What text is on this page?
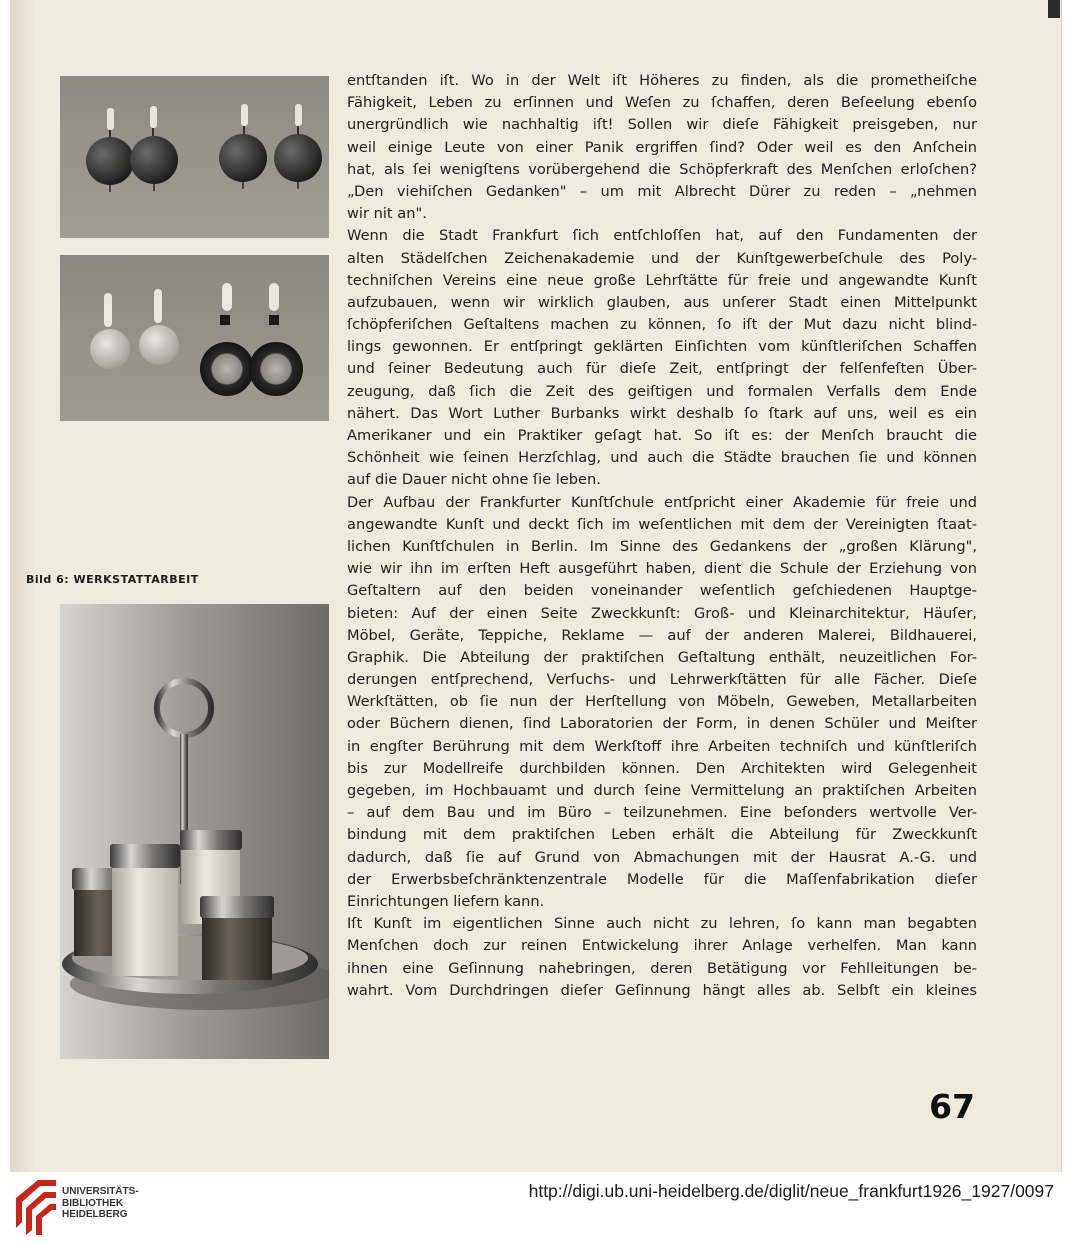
Bild 6: WERKSTATTARBEIT
entſtanden iſt. Wo in der Welt iſt Höheres zu finden, als die prometheiſche
Fähigkeit, Leben zu erſinnen und Weſen zu ſchaffen, deren Beſeelung ebenſo
unergründlich wie nachhaltig iſt! Sollen wir dieſe Fähigkeit preisgeben, nur
weil einige Leute von einer Panik ergriffen ſind? Oder weil es den Anſchein
hat, als ſei wenigſtens vorübergehend die Schöpferkraft des Menſchen erloſchen?
„Den viehiſchen Gedanken" – um mit Albrecht Dürer zu reden – „nehmen
wir nit an".
Wenn die Stadt Frankfurt ſich entſchloſſen hat, auf den Fundamenten der
alten Städelſchen Zeichenakademie und der Kunſtgewerbeſchule des Poly-
techniſchen Vereins eine neue große Lehrſtätte für freie und angewandte Kunſt
aufzubauen, wenn wir wirklich glauben, aus unſerer Stadt einen Mittelpunkt
ſchöpferiſchen Geſtaltens machen zu können, ſo iſt der Mut dazu nicht blind-
lings gewonnen. Er entſpringt geklärten Einſichten vom künſtleriſchen Schaffen
und ſeiner Bedeutung auch für dieſe Zeit, entſpringt der felſenfeſten Über-
zeugung, daß ſich die Zeit des geiſtigen und formalen Verfalls dem Ende
nähert. Das Wort Luther Burbanks wirkt deshalb ſo ſtark auf uns, weil es ein
Amerikaner und ein Praktiker geſagt hat. So iſt es: der Menſch braucht die
Schönheit wie ſeinen Herzſchlag, und auch die Städte brauchen ſie und können
auf die Dauer nicht ohne ſie leben.
Der Aufbau der Frankfurter Kunſtſchule entſpricht einer Akademie für freie und
angewandte Kunſt und deckt ſich im weſentlichen mit dem der Vereinigten ſtaat-
lichen Kunſtſchulen in Berlin. Im Sinne des Gedankens der „großen Klärung",
wie wir ihn im erſten Heft ausgeführt haben, dient die Schule der Erziehung von
Geſtaltern auf den beiden voneinander weſentlich geſchiedenen Hauptge-
bieten: Auf der einen Seite Zweckkunſt: Groß- und Kleinarchitektur, Häuſer,
Möbel, Geräte, Teppiche, Reklame — auf der anderen Malerei, Bildhauerei,
Graphik. Die Abteilung der praktiſchen Geſtaltung enthält, neuzeitlichen For-
derungen entſprechend, Verſuchs- und Lehrwerkſtätten für alle Fächer. Dieſe
Werkſtätten, ob ſie nun der Herſtellung von Möbeln, Geweben, Metallarbeiten
oder Büchern dienen, ſind Laboratorien der Form, in denen Schüler und Meiſter
in engſter Berührung mit dem Werkſtoff ihre Arbeiten techniſch und künſtleriſch
bis zur Modellreife durchbilden können. Den Architekten wird Gelegenheit
gegeben, im Hochbauamt und durch ſeine Vermittelung an praktiſchen Arbeiten
– auf dem Bau und im Büro – teilzunehmen. Eine beſonders wertvolle Ver-
bindung mit dem praktiſchen Leben erhält die Abteilung für Zweckkunſt
dadurch, daß ſie auf Grund von Abmachungen mit der Hausrat A.-G. und
der Erwerbsbeſchränktenzentrale Modelle für die Maſſenfabrikation dieſer
Einrichtungen liefern kann.
Iſt Kunſt im eigentlichen Sinne auch nicht zu lehren, ſo kann man begabten
Menſchen doch zur reinen Entwickelung ihrer Anlage verhelfen. Man kann
ihnen eine Geſinnung nahebringen, deren Betätigung vor Fehlleitungen be-
wahrt. Vom Durchdringen dieſer Geſinnung hängt alles ab. Selbſt ein kleines
67
UNIVERSITÄTS-
BIBLIOTHEK
HEIDELBERG
http://digi.ub.uni-heidelberg.de/diglit/neue_frankfurt1926_1927/0097
